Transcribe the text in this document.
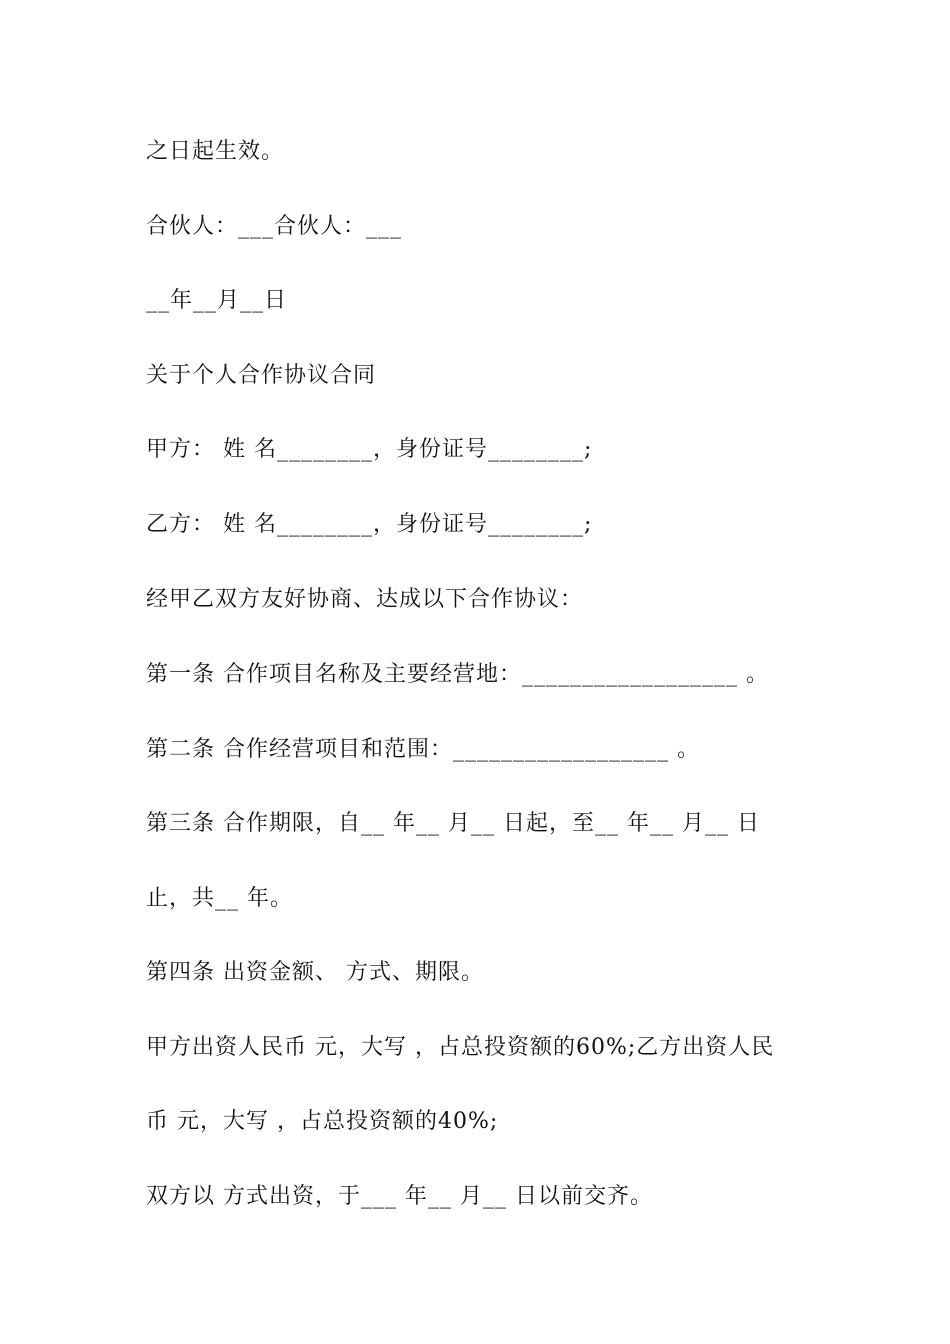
之日起生效。
合伙人：___合伙人：___
__年__月__日
关于个人合作协议合同
甲方： 姓 名________，身份证号________;
乙方： 姓 名________，身份证号________;
经甲乙双方友好协商、达成以下合作协议：
第一条 合作项目名称及主要经营地：__________________ 。
第二条 合作经营项目和范围：__________________ 。
第三条 合作期限，自__ 年__ 月__ 日起，至__ 年__ 月__ 日
止，共__ 年。
第四条 出资金额、 方式、期限。
甲方出资人民币 元，大写 ，占总投资额的60%;乙方出资人民
币 元，大写 ，占总投资额的40%;
双方以 方式出资，于___ 年__ 月__ 日以前交齐。
